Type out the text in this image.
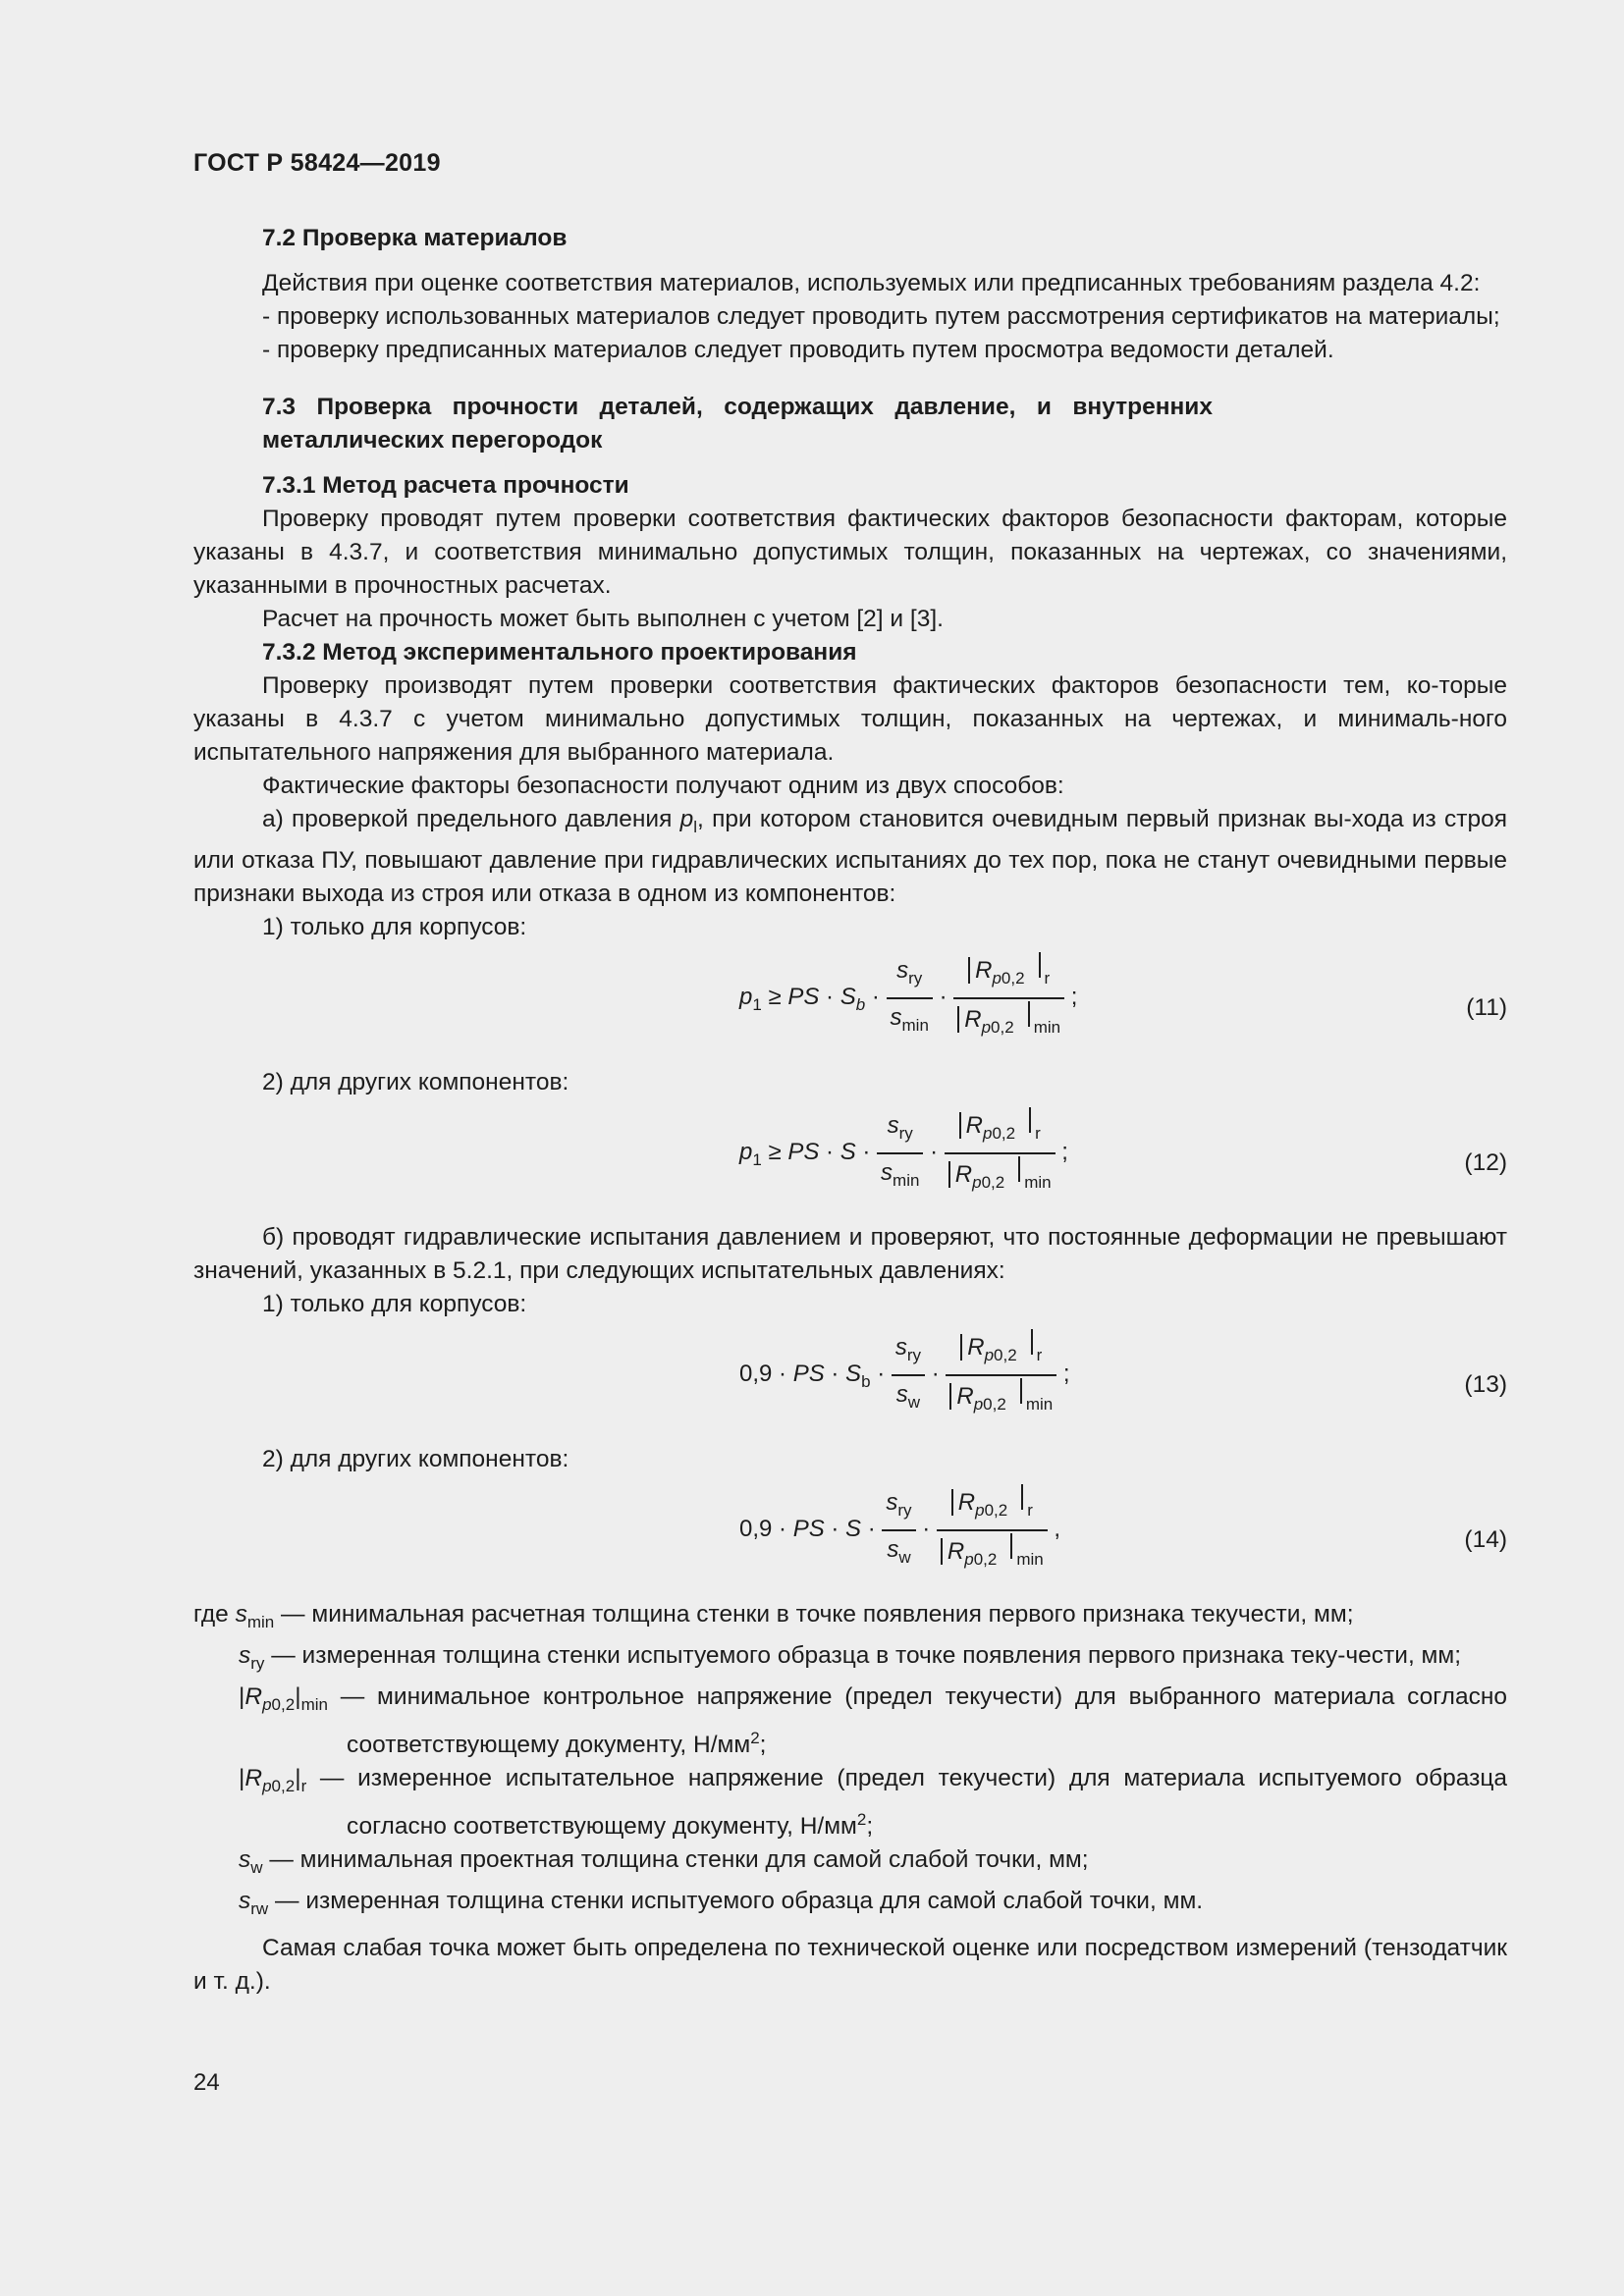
ГОСТ Р 58424—2019

7.2 Проверка материалов

Действия при оценке соответствия материалов, используемых или предписанных требованиям раздела 4.2:

- проверку использованных материалов следует проводить путем рассмотрения сертификатов на материалы;

- проверку предписанных материалов следует проводить путем просмотра ведомости деталей.

7.3 Проверка прочности деталей, содержащих давление, и внутренних металлических перегородок

7.3.1 Метод расчета прочности

Проверку проводят путем проверки соответствия фактических факторов безопасности факторам, которые указаны в 4.3.7, и соответствия минимально допустимых толщин, показанных на чертежах, со значениями, указанными в прочностных расчетах.

Расчет на прочность может быть выполнен с учетом [2] и [3].

7.3.2 Метод экспериментального проектирования

Проверку производят путем проверки соответствия фактических факторов безопасности тем, ко-торые указаны в 4.3.7 с учетом минимально допустимых толщин, показанных на чертежах, и минималь-ного испытательного напряжения для выбранного материала.

Фактические факторы безопасности получают одним из двух способов:

а) проверкой предельного давления $p_l$, при котором становится очевидным первый признак вы-хода из строя или отказа ПУ, повышают давление при гидравлических испытаниях до тех пор, пока не станут очевидными первые признаки выхода из строя или отказа в одном из компонентов:

1) только для корпусов:

$p_1$ ≥ PS · $S_b \cdot \frac{s_{ry}}{s_{min}} \cdot \frac{R_{p0,2} _r}{R_{p0,2} _{min}}$ ;	(11)

2) для других компонентов:

$p_1$ ≥ PS · $S \cdot \frac{s_{ry}}{s_{min}} \cdot \frac{R_{p0,2} _r}{R_{p0,2} _{min}}$ ;	(12)

б) проводят гидравлические испытания давлением и проверяют, что постоянные деформации не превышают значений, указанных в 5.2.1, при следующих испытательных давлениях:

1) только для корпусов:

0,9 · PS · $S_b \cdot \frac{s_{ry}}{s_w} \cdot \frac{R_{p0,2} _r}{R_{p0,2} _{min}}$ ;	(13)

2) для других компонентов:

0,9 · PS · $S \cdot \frac{s_{ry}}{s_w} \cdot \frac{R_{p0,2} _r}{R_{p0,2} _{min}}$ ,	(14)

где $s_{min}$ — минимальная расчетная толщина стенки в точке появления первого признака текучести, мм;

$s_{ry}$ — измеренная толщина стенки испытуемого образца в точке появления первого признака теку-чести, мм;

$|R_{p0,2}|_{min}$ — минимальное контрольное напряжение (предел текучести) для выбранного материала согласно соответствующему документу, $Н/мм^2$;

$|R_{p0,2}|_r$ — измеренное испытательное напряжение (предел текучести) для материала испытуемого образца согласно соответствующему документу, $Н/мм^2$;

$s_w$ — минимальная проектная толщина стенки для самой слабой точки, мм;

$s_{rw}$ — измеренная толщина стенки испытуемого образца для самой слабой точки, мм.

Самая слабая точка может быть определена по технической оценке или посредством измерений (тензодатчик и т. д.).

24
